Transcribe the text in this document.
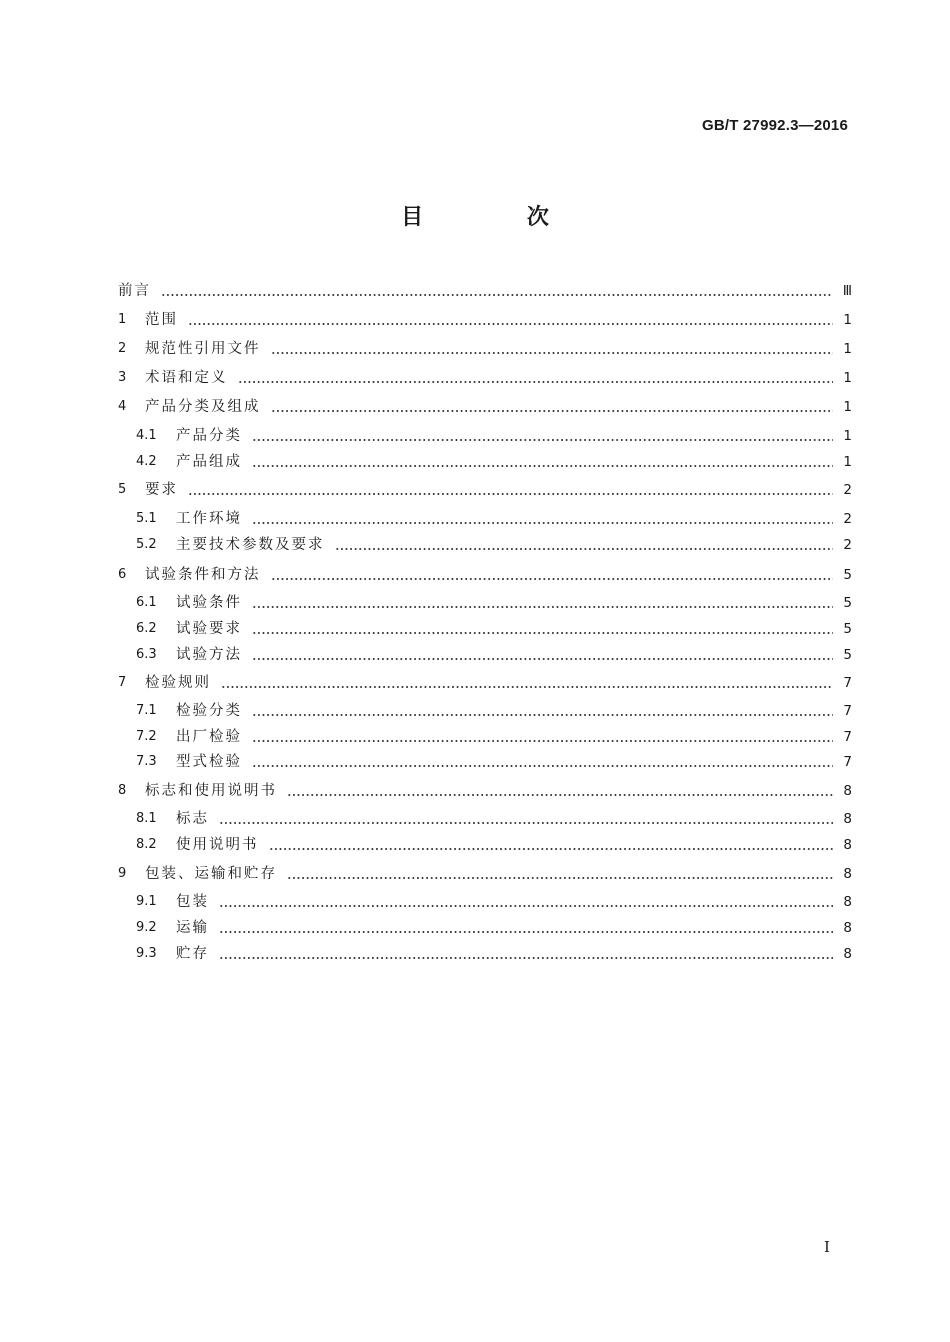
GB/T 27992.3—2016
目 次
前言	Ⅲ
1	范围	1
2	规范性引用文件	1
3	术语和定义	1
4	产品分类及组成	1
4.1	产品分类	1
4.2	产品组成	1
5	要求	2
5.1	工作环境	2
5.2	主要技术参数及要求	2
6	试验条件和方法	5
6.1	试验条件	5
6.2	试验要求	5
6.3	试验方法	5
7	检验规则	7
7.1	检验分类	7
7.2	出厂检验	7
7.3	型式检验	7
8	标志和使用说明书	8
8.1	标志	8
8.2	使用说明书	8
9	包装、运输和贮存	8
9.1	包装	8
9.2	运输	8
9.3	贮存	8
I
